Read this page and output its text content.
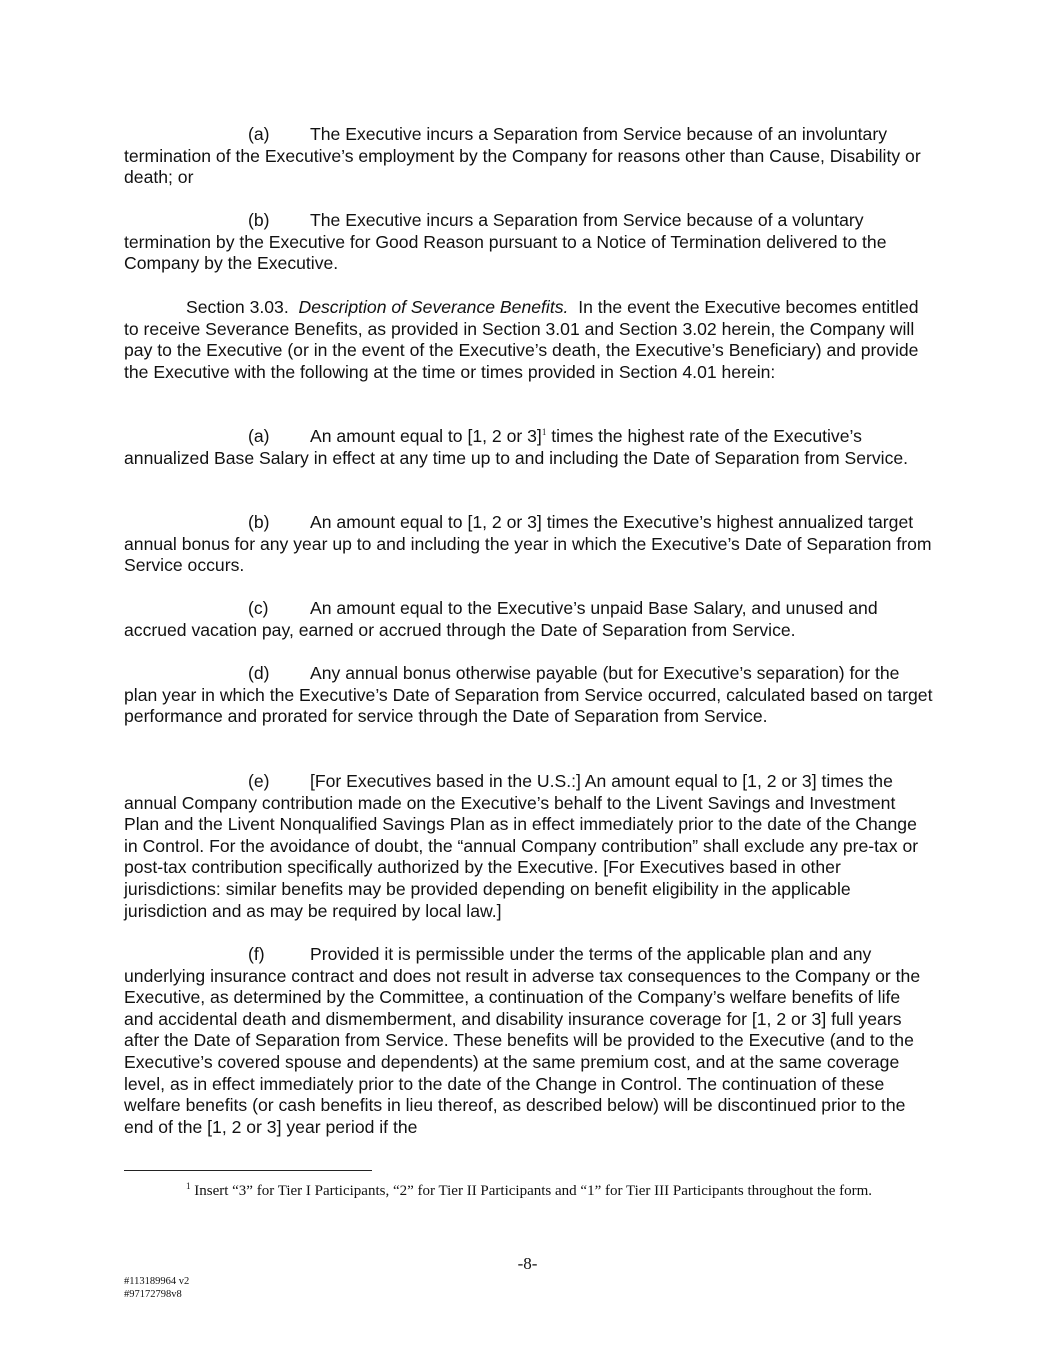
(a) The Executive incurs a Separation from Service because of an involuntary termination of the Executive’s employment by the Company for reasons other than Cause, Disability or death; or

(b) The Executive incurs a Separation from Service because of a voluntary termination by the Executive for Good Reason pursuant to a Notice of Termination delivered to the Company by the Executive.

Section 3.03. Description of Severance Benefits. In the event the Executive becomes entitled to receive Severance Benefits, as provided in Section 3.01 and Section 3.02 herein, the Company will pay to the Executive (or in the event of the Executive’s death, the Executive’s Beneficiary) and provide the Executive with the following at the time or times provided in Section 4.01 herein:

(a) An amount equal to [1, 2 or 3]$^1$ times the highest rate of the Executive’s annualized Base Salary in effect at any time up to and including the Date of Separation from Service.

(b) An amount equal to [1, 2 or 3] times the Executive’s highest annualized target annual bonus for any year up to and including the year in which the Executive’s Date of Separation from Service occurs.

(c) An amount equal to the Executive’s unpaid Base Salary, and unused and accrued vacation pay, earned or accrued through the Date of Separation from Service.

(d) Any annual bonus otherwise payable (but for Executive’s separation) for the plan year in which the Executive’s Date of Separation from Service occurred, calculated based on target performance and prorated for service through the Date of Separation from Service.

(e) [For Executives based in the U.S.:] An amount equal to [1, 2 or 3] times the annual Company contribution made on the Executive’s behalf to the Livent Savings and Investment Plan and the Livent Nonqualified Savings Plan as in effect immediately prior to the date of the Change in Control. For the avoidance of doubt, the “annual Company contribution” shall exclude any pre-tax or post-tax contribution specifically authorized by the Executive. [For Executives based in other jurisdictions: similar benefits may be provided depending on benefit eligibility in the applicable jurisdiction and as may be required by local law.]

(f)	Provided it is permissible under the terms of the applicable plan and any underlying insurance contract and does not result in adverse tax consequences to the Company or the Executive, as determined by the Committee, a continuation of the Company’s welfare benefits of life and accidental death and dismemberment, and disability insurance coverage for [1, 2 or 3] full years after the Date of Separation from Service. These benefits will be provided to the Executive (and to the Executive’s covered spouse and dependents) at the same premium cost, and at the same coverage level, as in effect immediately prior to the date of the Change in Control. The continuation of these welfare benefits (or cash benefits in lieu thereof, as described below) will be discontinued prior to the end of the [1, 2 or 3] year period if the

$^1$ Insert “3” for Tier I Participants, “2” for Tier II Participants and “1” for Tier III Participants throughout the form.
-8-
#113189964 v2
#97172798v8
